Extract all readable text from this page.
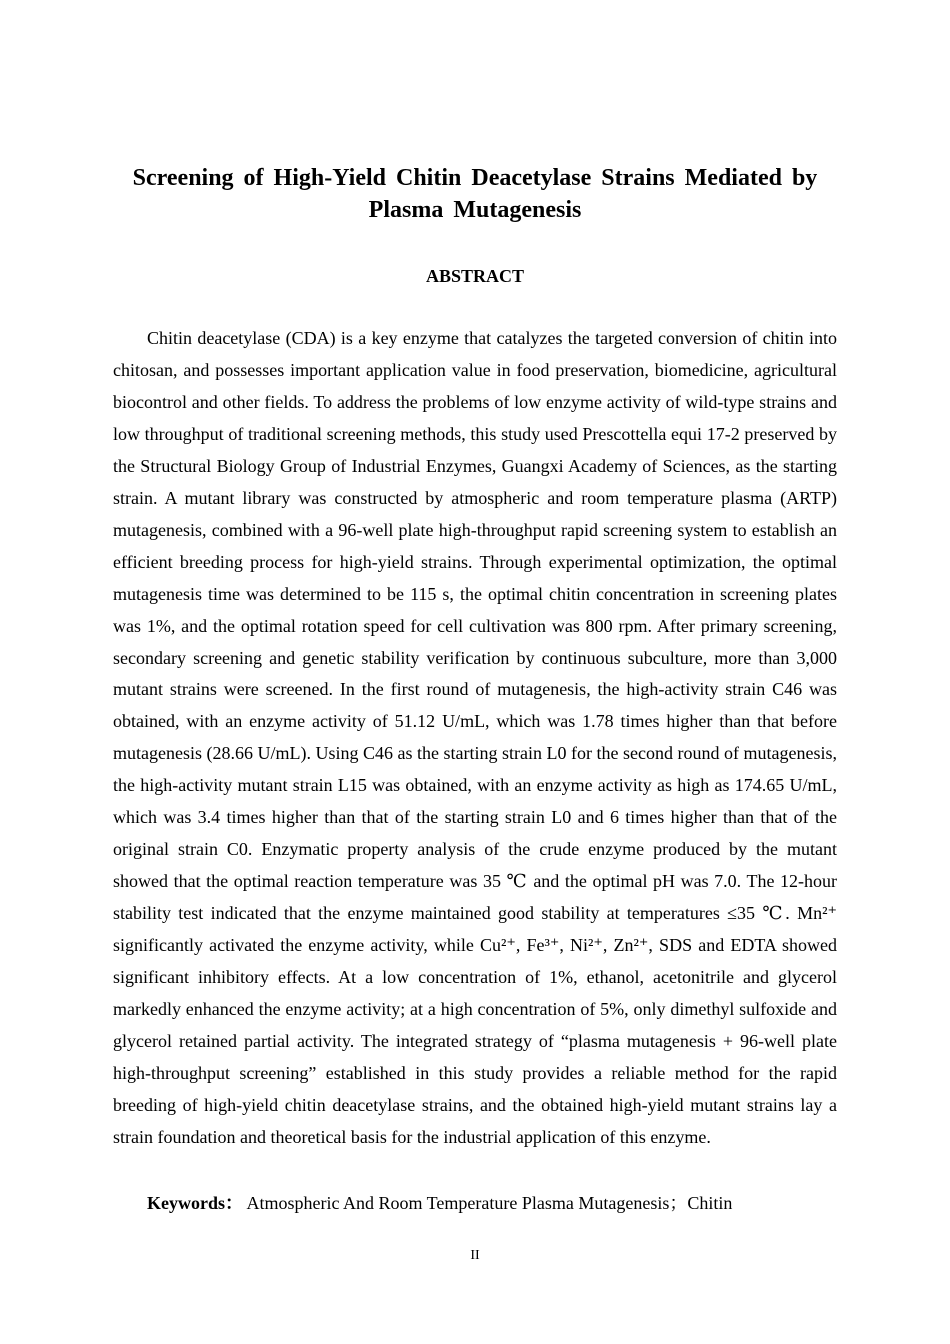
Screening of High-Yield Chitin Deacetylase Strains Mediated by Plasma Mutagenesis
ABSTRACT

Chitin deacetylase (CDA) is a key enzyme that catalyzes the targeted conversion of chitin into chitosan, and possesses important application value in food preservation, biomedicine, agricultural biocontrol and other fields. To address the problems of low enzyme activity of wild-type strains and low throughput of traditional screening methods, this study used Prescottella equi 17-2 preserved by the Structural Biology Group of Industrial Enzymes, Guangxi Academy of Sciences, as the starting strain. A mutant library was constructed by atmospheric and room temperature plasma (ARTP) mutagenesis, combined with a 96-well plate high-throughput rapid screening system to establish an efficient breeding process for high-yield strains. Through experimental optimization, the optimal mutagenesis time was determined to be 115 s, the optimal chitin concentration in screening plates was 1%, and the optimal rotation speed for cell cultivation was 800 rpm. After primary screening, secondary screening and genetic stability verification by continuous subculture, more than 3,000 mutant strains were screened. In the first round of mutagenesis, the high-activity strain C46 was obtained, with an enzyme activity of 51.12 U/mL, which was 1.78 times higher than that before mutagenesis (28.66 U/mL). Using C46 as the starting strain L0 for the second round of mutagenesis, the high-activity mutant strain L15 was obtained, with an enzyme activity as high as 174.65 U/mL, which was 3.4 times higher than that of the starting strain L0 and 6 times higher than that of the original strain C0. Enzymatic property analysis of the crude enzyme produced by the mutant showed that the optimal reaction temperature was 35 ℃ and the optimal pH was 7.0. The 12-hour stability test indicated that the enzyme maintained good stability at temperatures ≤35 ℃. Mn²⁺ significantly activated the enzyme activity, while Cu²⁺, Fe³⁺, Ni²⁺, Zn²⁺, SDS and EDTA showed significant inhibitory effects. At a low concentration of 1%, ethanol, acetonitrile and glycerol markedly enhanced the enzyme activity; at a high concentration of 5%, only dimethyl sulfoxide and glycerol retained partial activity. The integrated strategy of “plasma mutagenesis + 96-well plate high-throughput screening” established in this study provides a reliable method for the rapid breeding of high-yield chitin deacetylase strains, and the obtained high-yield mutant strains lay a strain foundation and theoretical basis for the industrial application of this enzyme.

Keywords： Atmospheric And Room Temperature Plasma Mutagenesis；Chitin

II
